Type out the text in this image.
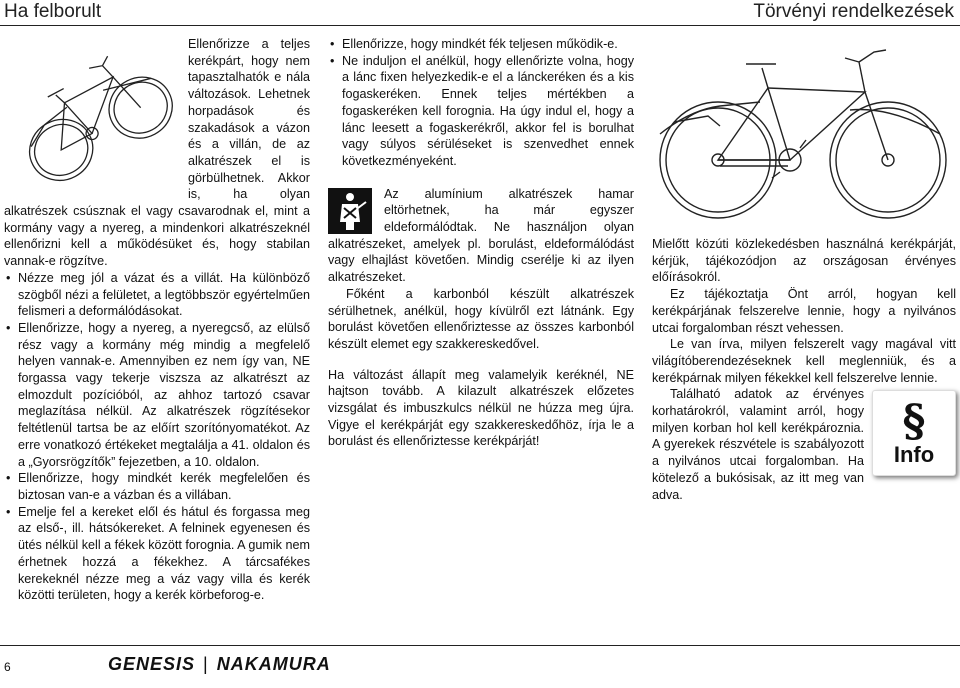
Ha felborult	Törvényi rendelkezések

Ellenőrizze a teljes kerékpárt, hogy nem tapasztalhatók e nála változások. Lehetnek horpadások és szakadások a vázon és a villán, de az alkatrészek el is görbülhetnek. Akkor is, ha olyan alkatrészek csúsznak el vagy csavarodnak el, mint a kormány vagy a nyereg, a mindenkori alkatrészeknél ellenőrizni kell a működésüket és, hogy stabilan vannak-e rögzítve.

• Nézze meg jól a vázat és a villát. Ha különböző szögből nézi a felületet, a legtöbbször egyértelműen felismeri a deformálódásokat.
• Ellenőrizze, hogy a nyereg, a nyeregcső, az elülső rész vagy a kormány még mindig a megfelelő helyen vannak-e. Amennyiben ez nem így van, NE forgassa vagy tekerje viszsza az alkatrészt az elmozdult pozícióból, az ahhoz tartozó csavar meglazítása nélkül. Az alkatrészek rögzítésekor feltétlenül tartsa be az előírt szorítónyomatékot. Az erre vonatkozó értékeket megtalálja a 41. oldalon és a „Gyorsrögzítők” fejezetben, a 10. oldalon.
• Ellenőrizze, hogy mindkét kerék megfelelően és biztosan van-e a vázban és a villában.
• Emelje fel a kereket elől és hátul és forgassa meg az első-, ill. hátsókereket. A felninek egyenesen és ütés nélkül kell a fékek között forognia. A gumik nem érhetnek hozzá a fékekhez. A tárcsafékes kerekeknél nézze meg a váz vagy villa és kerék közötti területen, hogy a kerék körbeforog-e.
• Ellenőrizze, hogy mindkét fék teljesen működik-e.
• Ne induljon el anélkül, hogy ellenőrizte volna, hogy a lánc fixen helyezkedik-e el a lánckeréken és a kis fogaskeréken. Ennek teljes mértékben a fogaskeréken kell forognia. Ha úgy indul el, hogy a lánc leesett a fogaskerékről, akkor fel is borulhat vagy súlyos sérüléseket is szenvedhet ennek következményeként.

Az alumínium alkatrészek hamar eltörhetnek, ha már egyszer eldeformálódtak. Ne használjon olyan alkatrészeket, amelyek pl. borulást, eldeformálódást vagy elhajlást követően. Mindig cserélje ki az ilyen alkatrészeket.

Főként a karbonból készült alkatrészek sérülhetnek, anélkül, hogy kívülről ezt látnánk. Egy borulást követően ellenőriztesse az összes karbonból készült elemet egy szakkereskedővel.

Ha változást állapít meg valamelyik keréknél, NE hajtson tovább. A kilazult alkatrészek előzetes vizsgálat és imbuszkulcs nélkül ne húzza meg újra. Vigye el kerékpárját egy szakkereskedőhöz, írja le a borulást és ellenőriztesse kerékpárját!

Mielőtt közúti közlekedésben használná kerékpárját, kérjük, tájékozódjon az országosan érvényes előírásokról.

Ez tájékoztatja Önt arról, hogyan kell kerékpárjának felszerelve lennie, hogy a nyilvános utcai forgalomban részt vehessen.

Le van írva, milyen felszerelt vagy magával vitt világítóberendezéseknek kell meglenniük, és a kerékpárnak milyen fékekkel kell felszerelve lennie.

§
Info

Található adatok az érvényes korhatárokról, valamint arról, hogy milyen korban hol kell kerékpároznia. A gyerekek részvétele is szabályozott a nyilvános utcai forgalomban. Ha kötelező a bukósisak, az itt meg van adva.

6	GENESIS | NAKAMURA
